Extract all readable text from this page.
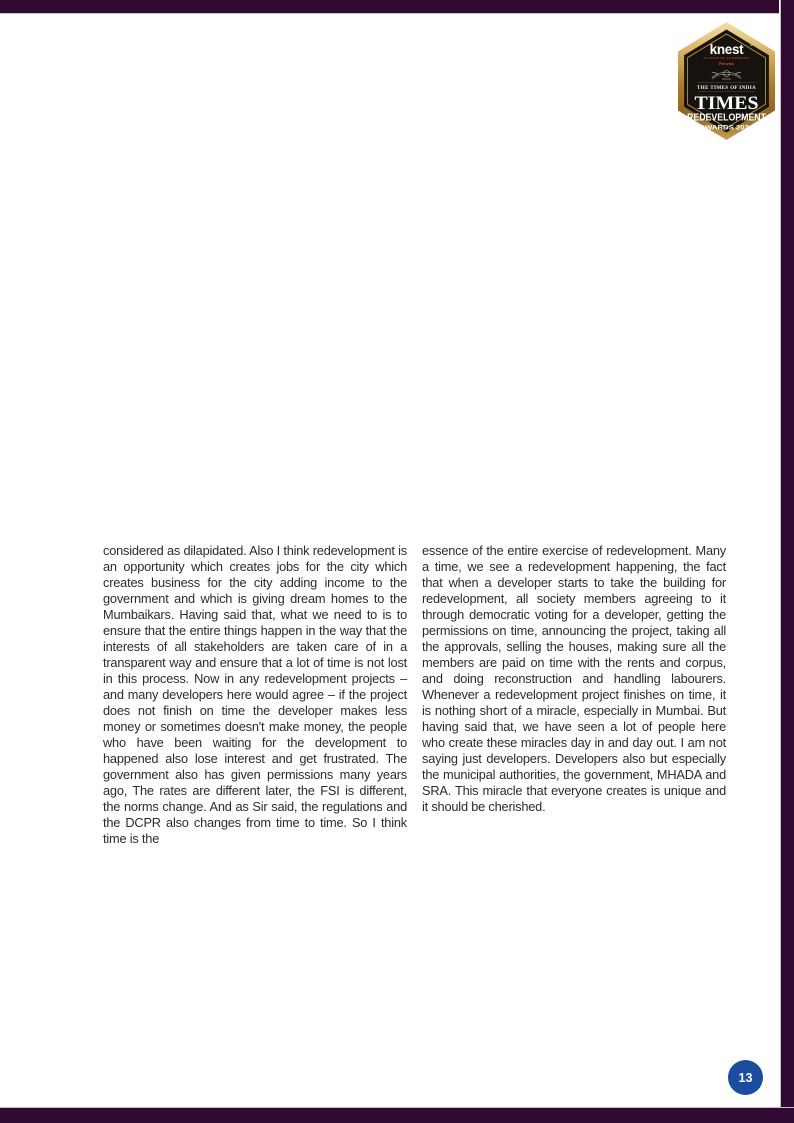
knest ™
ALUMINIUM FORMWORK
Presents
THE TIMES OF INDIA
TIMES
REDEVELOPMENT
–AWARDS 2024–
considered as dilapidated. Also I think redevelopment is an opportunity which creates jobs for the city which creates business for the city adding income to the government and which is giving dream homes to the Mumbaikars. Having said that, what we need to is to ensure that the entire things happen in the way that the interests of all stakeholders are taken care of in a transparent way and ensure that a lot of time is not lost in this process. Now in any redevelopment projects – and many developers here would agree – if the project does not finish on time the developer makes less money or sometimes doesn't make money, the people who have been waiting for the development to happened also lose interest and get frustrated. The government also has given permissions many years ago, The rates are different later, the FSI is different, the norms change. And as Sir said, the regulations and the DCPR also changes from time to time. So I think time is the
essence of the entire exercise of redevelopment. Many a time, we see a redevelopment happening, the fact that when a developer starts to take the building for redevelopment, all society members agreeing to it through democratic voting for a developer, getting the permissions on time, announcing the project, taking all the approvals, selling the houses, making sure all the members are paid on time with the rents and corpus, and doing reconstruction and handling labourers. Whenever a redevelopment project finishes on time, it is nothing short of a miracle, especially in Mumbai. But having said that, we have seen a lot of people here who create these miracles day in and day out. I am not saying just developers. Developers also but especially the municipal authorities, the government, MHADA and SRA. This miracle that everyone creates is unique and it should be cherished.
13
